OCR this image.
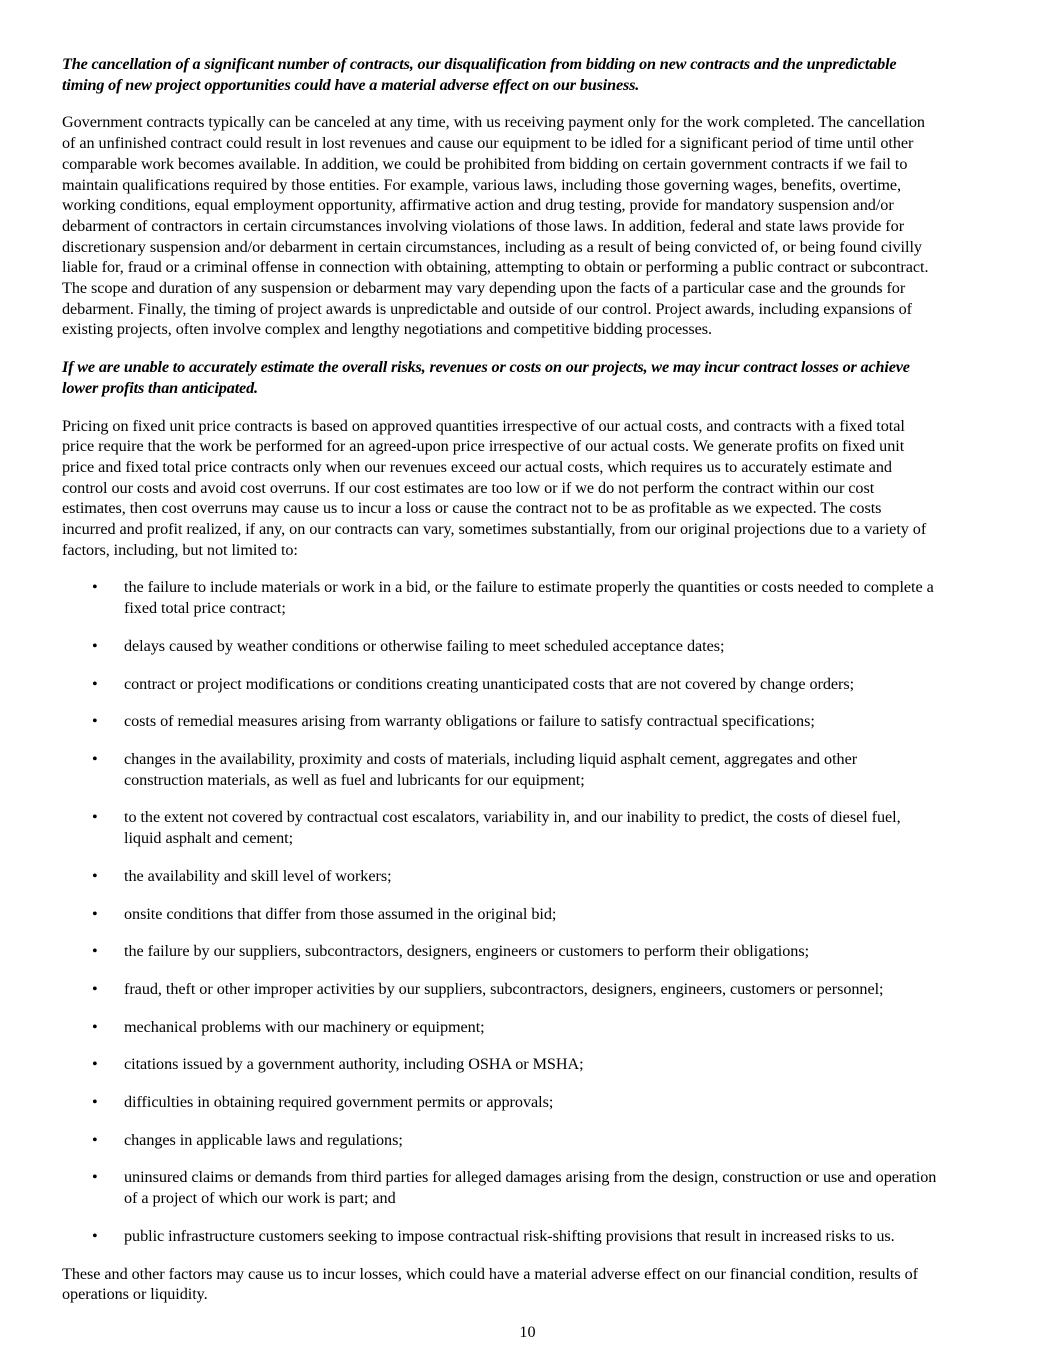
The cancellation of a significant number of contracts, our disqualification from bidding on new contracts and the unpredictable
timing of new project opportunities could have a material adverse effect on our business.
Government contracts typically can be canceled at any time, with us receiving payment only for the work completed. The cancellation
of an unfinished contract could result in lost revenues and cause our equipment to be idled for a significant period of time until other
comparable work becomes available. In addition, we could be prohibited from bidding on certain government contracts if we fail to
maintain qualifications required by those entities. For example, various laws, including those governing wages, benefits, overtime,
working conditions, equal employment opportunity, affirmative action and drug testing, provide for mandatory suspension and/or
debarment of contractors in certain circumstances involving violations of those laws. In addition, federal and state laws provide for
discretionary suspension and/or debarment in certain circumstances, including as a result of being convicted of, or being found civilly
liable for, fraud or a criminal offense in connection with obtaining, attempting to obtain or performing a public contract or subcontract.
The scope and duration of any suspension or debarment may vary depending upon the facts of a particular case and the grounds for
debarment. Finally, the timing of project awards is unpredictable and outside of our control. Project awards, including expansions of
existing projects, often involve complex and lengthy negotiations and competitive bidding processes.
If we are unable to accurately estimate the overall risks, revenues or costs on our projects, we may incur contract losses or achieve
lower profits than anticipated.
Pricing on fixed unit price contracts is based on approved quantities irrespective of our actual costs, and contracts with a fixed total
price require that the work be performed for an agreed-upon price irrespective of our actual costs. We generate profits on fixed unit
price and fixed total price contracts only when our revenues exceed our actual costs, which requires us to accurately estimate and
control our costs and avoid cost overruns. If our cost estimates are too low or if we do not perform the contract within our cost
estimates, then cost overruns may cause us to incur a loss or cause the contract not to be as profitable as we expected. The costs
incurred and profit realized, if any, on our contracts can vary, sometimes substantially, from our original projections due to a variety of
factors, including, but not limited to:
• the failure to include materials or work in a bid, or the failure to estimate properly the quantities or costs needed to complete a
fixed total price contract;
• delays caused by weather conditions or otherwise failing to meet scheduled acceptance dates;
• contract or project modifications or conditions creating unanticipated costs that are not covered by change orders;
• costs of remedial measures arising from warranty obligations or failure to satisfy contractual specifications;
• changes in the availability, proximity and costs of materials, including liquid asphalt cement, aggregates and other
construction materials, as well as fuel and lubricants for our equipment;
• to the extent not covered by contractual cost escalators, variability in, and our inability to predict, the costs of diesel fuel,
liquid asphalt and cement;
• the availability and skill level of workers;
• onsite conditions that differ from those assumed in the original bid;
• the failure by our suppliers, subcontractors, designers, engineers or customers to perform their obligations;
• fraud, theft or other improper activities by our suppliers, subcontractors, designers, engineers, customers or personnel;
• mechanical problems with our machinery or equipment;
• citations issued by a government authority, including OSHA or MSHA;
• difficulties in obtaining required government permits or approvals;
• changes in applicable laws and regulations;
• uninsured claims or demands from third parties for alleged damages arising from the design, construction or use and operation
of a project of which our work is part; and
• public infrastructure customers seeking to impose contractual risk-shifting provisions that result in increased risks to us.
These and other factors may cause us to incur losses, which could have a material adverse effect on our financial condition, results of
operations or liquidity.
10
